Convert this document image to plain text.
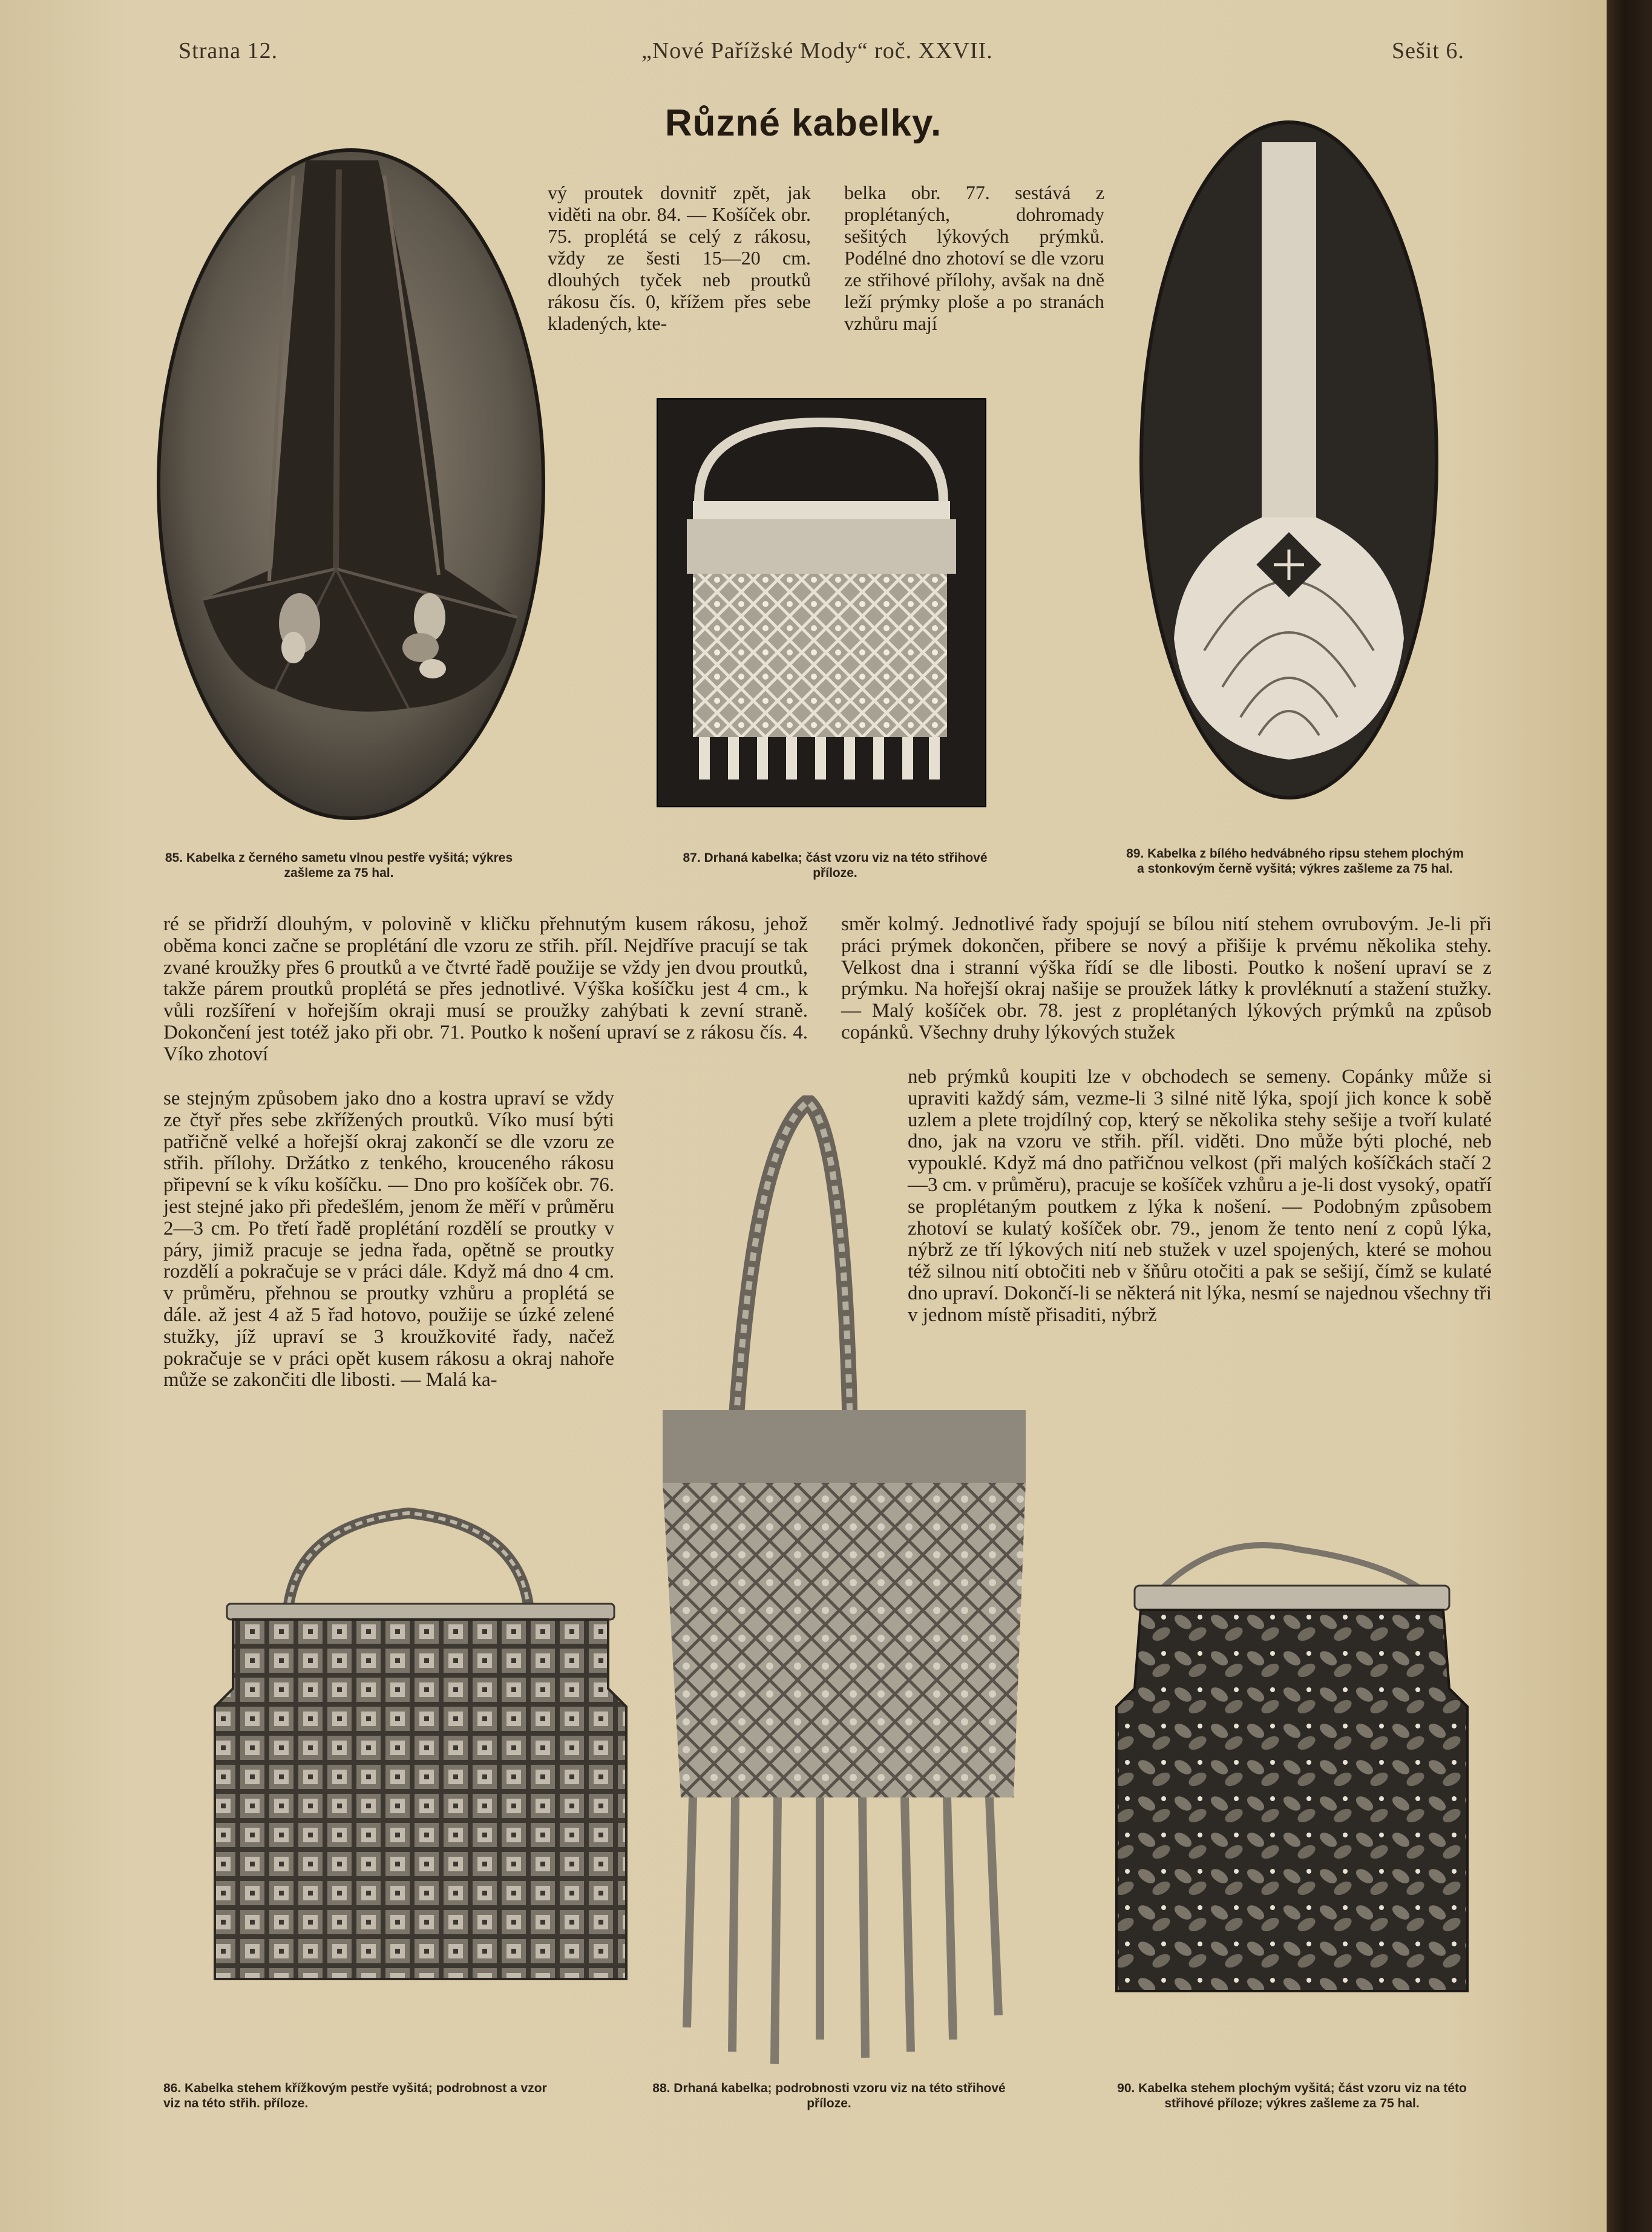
Strana 12.	„Nové Pařížské Mody“ roč. XXVII.	Sešit 6.
Různé kabelky.
vý proutek dovnitř zpět, jak viděti na obr. 84. — Košíček obr. 75. proplétá se celý z rákosu, vždy ze šesti 15—20 cm. dlouhých tyček neb proutků rákosu čís. 0, křížem přes sebe kladených, kte-
belka obr. 77. sestává z proplétaných, dohromady sešitých lýkových prýmků. Podélné dno zhotoví se dle vzoru ze střihové přílohy, avšak na dně leží prýmky ploše a po stranách vzhůru mají
85. Kabelka z černého sametu vlnou pestře vyšitá; výkres zašleme za 75 hal.
87. Drhaná kabelka; část vzoru viz na této střihové příloze.
89. Kabelka z bílého hedvábného ripsu stehem plochým a stonkovým černě vyšitá; výkres zašleme za 75 hal.
ré se přidrží dlouhým, v polovině v kličku přehnutým kusem rákosu, jehož oběma konci začne se proplétání dle vzoru ze střih. příl. Nejdříve pracují se tak zvané kroužky přes 6 proutků a ve čtvrté řadě použije se vždy jen dvou proutků, takže párem proutků proplétá se přes jednotlivé. Výška košíčku jest 4 cm., k vůli rozšíření v hořejším okraji musí se proužky zahýbati k zevní straně. Dokončení jest totéž jako při obr. 71. Poutko k nošení upraví se z rákosu čís. 4. Víko zhotoví
se stejným způsobem jako dno a kostra upraví se vždy ze čtyř přes sebe zkřížených proutků. Víko musí býti patřičně velké a hořejší okraj zakončí se dle vzoru ze střih. přílohy. Držátko z tenkého, krouceného rákosu připevní se k víku košíčku. — Dno pro košíček obr. 76. jest stejné jako při předešlém, jenom že měří v průměru 2—3 cm. Po třetí řadě proplétání rozdělí se proutky v páry, jimiž pracuje se jedna řada, opětně se proutky rozdělí a pokračuje se v práci dále. Když má dno 4 cm. v průměru, přehnou se proutky vzhůru a proplétá se dále. až jest 4 až 5 řad hotovo, použije se úzké zelené stužky, jíž upraví se 3 kroužkovité řady, načež pokračuje se v práci opět kusem rákosu a okraj nahoře může se zakončiti dle libosti. — Malá ka-
směr kolmý. Jednotlivé řady spojují se bílou nití stehem ovrubovým. Je-li při práci prýmek dokončen, přibere se nový a přišije k prvému několika stehy. Velkost dna i stranní výška řídí se dle libosti. Poutko k nošení upraví se z prýmku. Na hořejší okraj našije se proužek látky k provléknutí a stažení stužky. — Malý košíček obr. 78. jest z proplétaných lýkových prýmků na způsob copánků. Všechny druhy lýkových stužek
neb prýmků koupiti lze v obchodech se semeny. Copánky může si upraviti každý sám, vezme-li 3 silné nitě lýka, spojí jich konce k sobě uzlem a plete trojdílný cop, který se několika stehy sešije a tvoří kulaté dno, jak na vzoru ve střih. příl. viděti. Dno může býti ploché, neb vypouklé. Když má dno patřičnou velkost (při malých košíčkách stačí 2—3 cm. v průměru), pracuje se košíček vzhůru a je-li dost vysoký, opatří se proplétaným poutkem z lýka k nošení. — Podobným způsobem zhotoví se kulatý košíček obr. 79., jenom že tento není z copů lýka, nýbrž ze tří lýkových nití neb stužek v uzel spojených, které se mohou též silnou nití obtočiti neb v šňůru otočiti a pak se sešijí, čímž se kulaté dno upraví. Dokončí-li se některá nit lýka, nesmí se najednou všechny tři v jednom místě přisaditi, nýbrž
86. Kabelka stehem křížkovým pestře vyšitá; podrobnost a vzor viz na této střih. příloze.
88. Drhaná kabelka; podrobnosti vzoru viz na této střihové příloze.
90. Kabelka stehem plochým vyšitá; část vzoru viz na této střihové příloze; výkres zašleme za 75 hal.
